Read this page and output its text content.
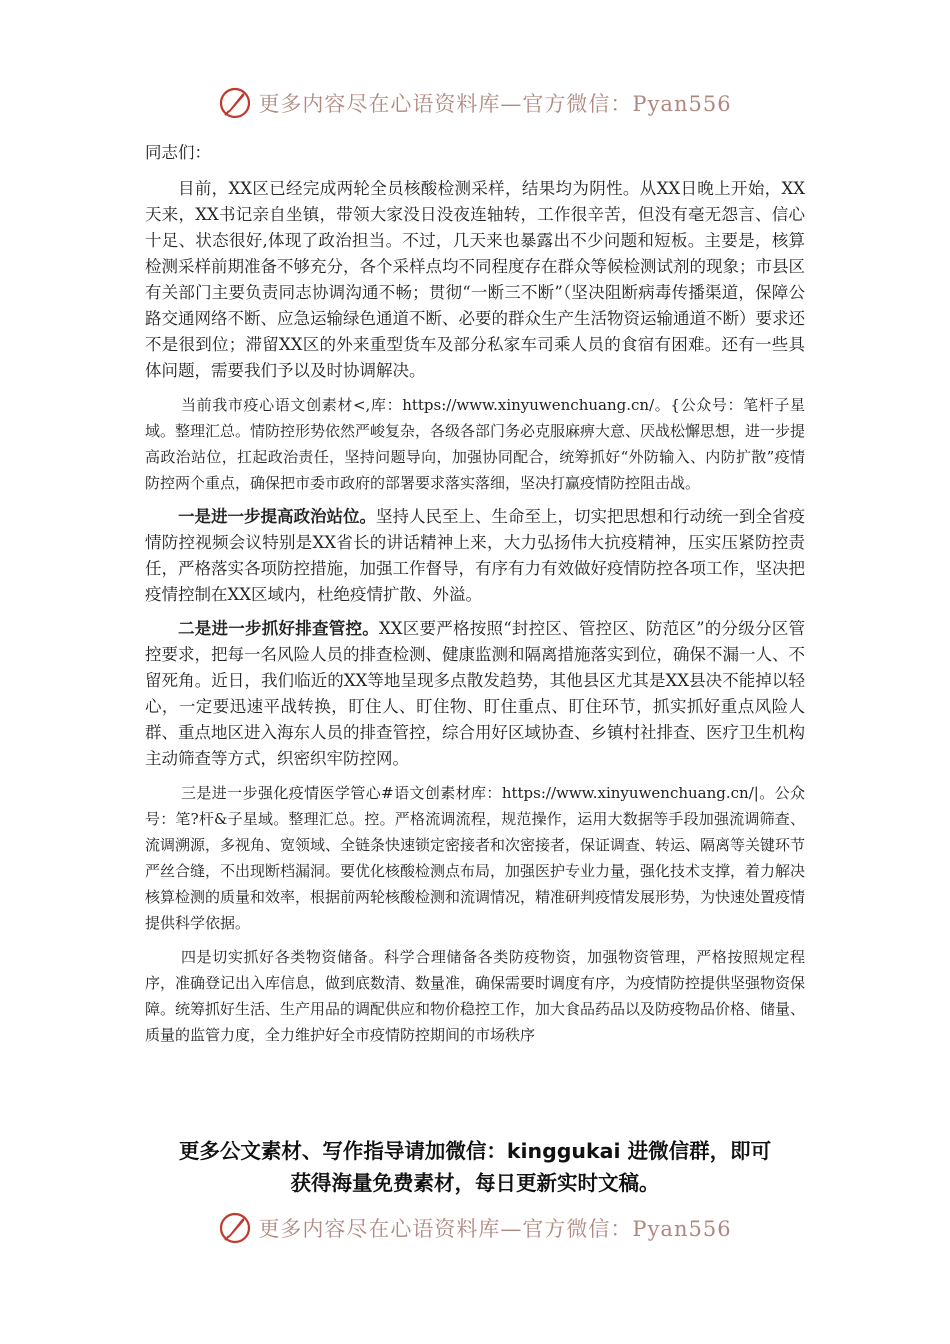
更多内容尽在心语资料库—官方微信：Pyan556

同志们：

目前，XX区已经完成两轮全员核酸检测采样，结果均为阴性。从XX日晚上开始，XX天来，XX书记亲自坐镇，带领大家没日没夜连轴转，工作很辛苦，但没有毫无怨言、信心十足、状态很好,体现了政治担当。不过，几天来也暴露出不少问题和短板。主要是，核算检测采样前期准备不够充分，各个采样点均不同程度存在群众等候检测试剂的现象；市县区有关部门主要负责同志协调沟通不畅；贯彻“一断三不断”（坚决阻断病毒传播渠道，保障公路交通网络不断、应急运输绿色通道不断、必要的群众生产生活物资运输通道不断）要求还不是很到位；滞留XX区的外来重型货车及部分私家车司乘人员的食宿有困难。还有一些具体问题，需要我们予以及时协调解决。

当前我市疫心语文创素材<,库：https://www.xinyuwenchuang.cn/。{公众号：笔杆子星域。整理汇总。情防控形势依然严峻复杂，各级各部门务必克服麻痹大意、厌战松懈思想，进一步提高政治站位，扛起政治责任，坚持问题导向，加强协同配合，统筹抓好“外防输入、内防扩散”疫情防控两个重点，确保把市委市政府的部署要求落实落细，坚决打赢疫情防控阻击战。

一是进一步提高政治站位。坚持人民至上、生命至上，切实把思想和行动统一到全省疫情防控视频会议特别是XX省长的讲话精神上来，大力弘扬伟大抗疫精神，压实压紧防控责任，严格落实各项防控措施，加强工作督导，有序有力有效做好疫情防控各项工作，坚决把疫情控制在XX区域内，杜绝疫情扩散、外溢。

二是进一步抓好排查管控。XX区要严格按照“封控区、管控区、防范区”的分级分区管控要求，把每一名风险人员的排查检测、健康监测和隔离措施落实到位，确保不漏一人、不留死角。近日，我们临近的XX等地呈现多点散发趋势，其他县区尤其是XX县决不能掉以轻心，一定要迅速平战转换，盯住人、盯住物、盯住重点、盯住环节，抓实抓好重点风险人群、重点地区进入海东人员的排查管控，综合用好区域协查、乡镇村社排查、医疗卫生机构主动筛查等方式，织密织牢防控网。

三是进一步强化疫情医学管心#语文创素材库：https://www.xinyuwenchuang.cn/|。公众号：笔?杆&子星域。整理汇总。控。严格流调流程，规范操作，运用大数据等手段加强流调筛查、流调溯源，多视角、宽领域、全链条快速锁定密接者和次密接者，保证调查、转运、隔离等关键环节严丝合缝，不出现断档漏洞。要优化核酸检测点布局，加强医护专业力量，强化技术支撑，着力解决核算检测的质量和效率，根据前两轮核酸检测和流调情况，精准研判疫情发展形势，为快速处置疫情提供科学依据。

四是切实抓好各类物资储备。科学合理储备各类防疫物资，加强物资管理，严格按照规定程序，准确登记出入库信息，做到底数清、数量准，确保需要时调度有序，为疫情防控提供坚强物资保障。统筹抓好生活、生产用品的调配供应和物价稳控工作，加大食品药品以及防疫物品价格、储量、质量的监管力度，全力维护好全市疫情防控期间的市场秩序

更多公文素材、写作指导请加微信：kinggukai 进微信群，即可
获得海量免费素材，每日更新实时文稿。
更多内容尽在心语资料库—官方微信：Pyan556
